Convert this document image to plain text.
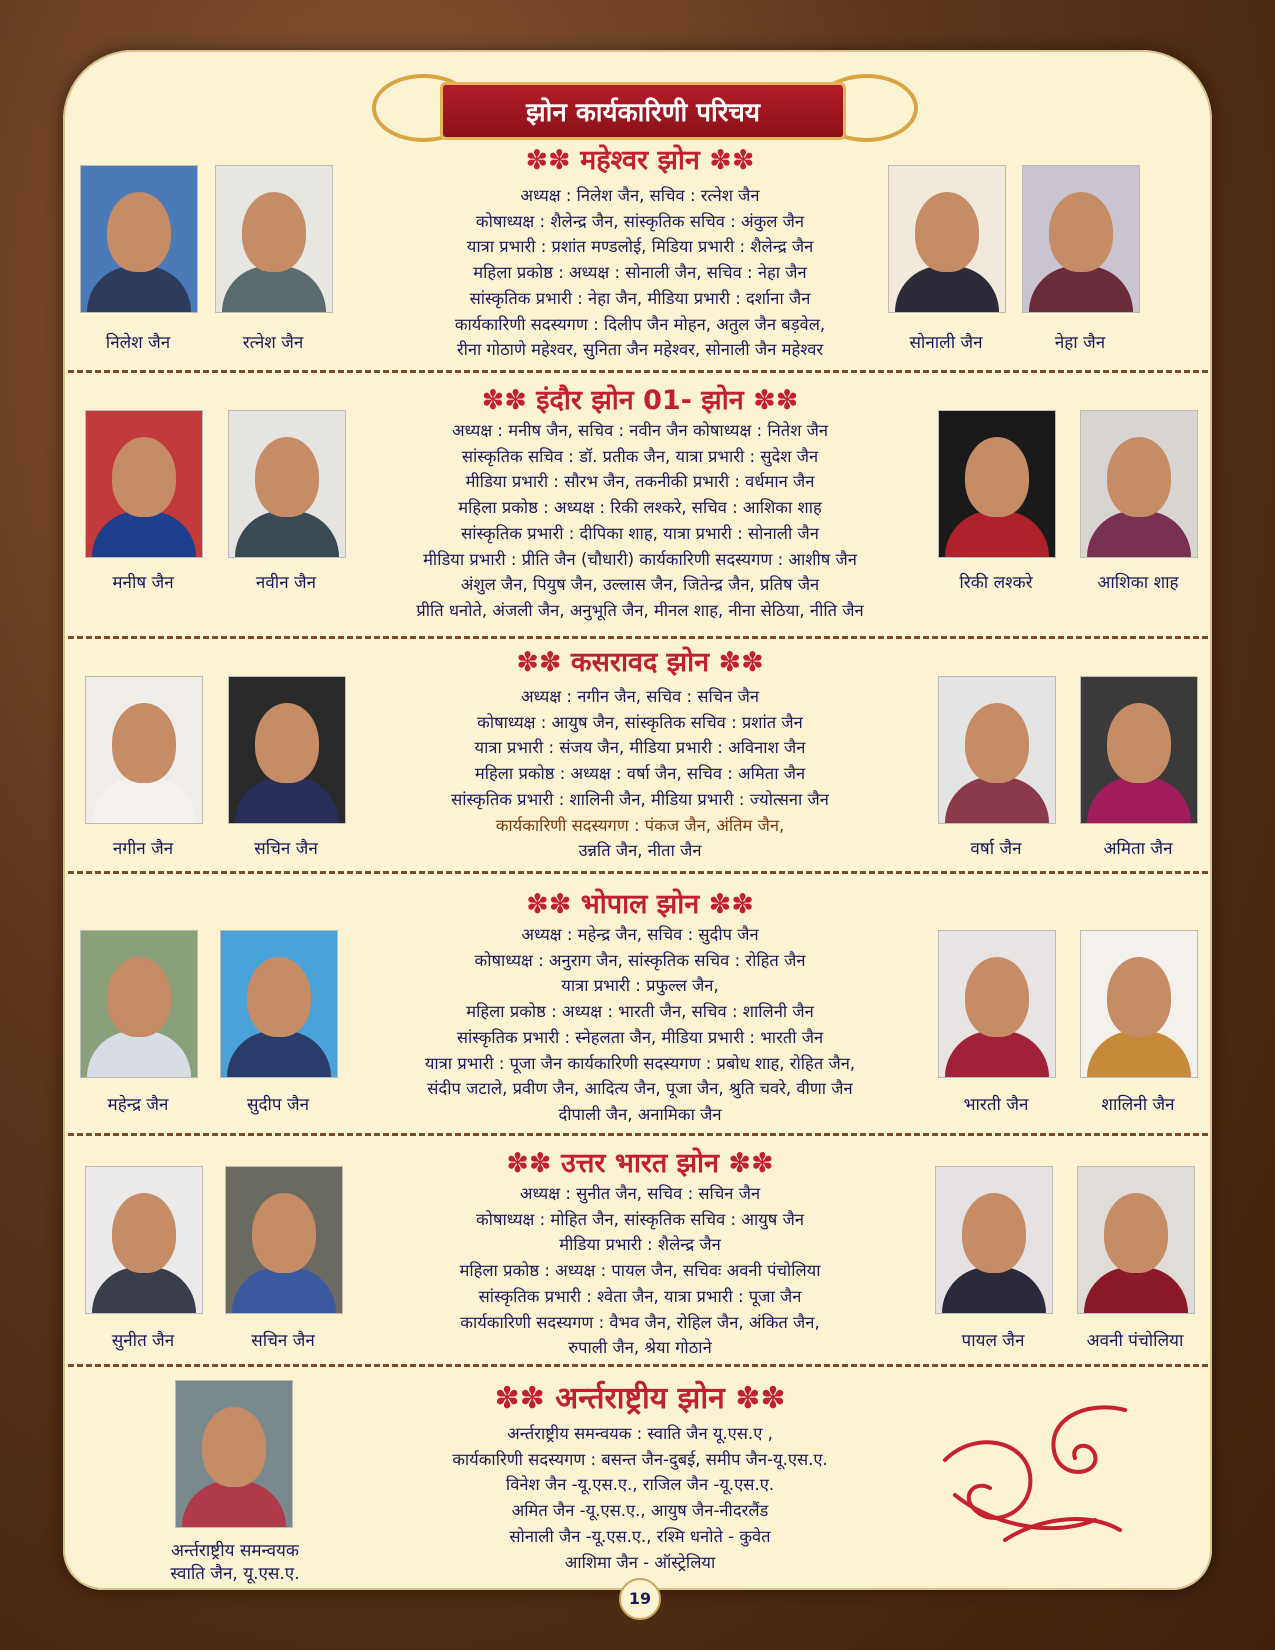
झोन कार्यकारिणी परिचय
✽✽ महेश्वर झोन ✽✽
अध्यक्ष : निलेश जैन, सचिव : रत्नेश जैन
कोषाध्यक्ष : शैलेन्द्र जैन, सांस्कृतिक सचिव : अंकुल जैन
यात्रा प्रभारी : प्रशांत मण्डलोई, मिडिया प्रभारी : शैलेन्द्र जैन
महिला प्रकोष्ठ : अध्यक्ष : सोनाली जैन, सचिव : नेहा जैन
सांस्कृतिक प्रभारी : नेहा जैन, मीडिया प्रभारी : दर्शाना जैन
कार्यकारिणी सदस्यगण : दिलीप जैन मोहन, अतुल जैन बड़वेल,
रीना गोठाणे महेश्वर, सुनिता जैन महेश्वर, सोनाली जैन महेश्वर
निलेश जैन	रत्नेश जैन	सोनाली जैन	नेहा जैन
✽✽ इंदौर झोन 01- झोन ✽✽
अध्यक्ष : मनीष जैन, सचिव : नवीन जैन कोषाध्यक्ष : नितेश जैन
सांस्कृतिक सचिव : डॉ. प्रतीक जैन, यात्रा प्रभारी : सुदेश जैन
मीडिया प्रभारी : सौरभ जैन, तकनीकी प्रभारी : वर्धमान जैन
महिला प्रकोष्ठ : अध्यक्ष : रिकी लश्करे, सचिव : आशिका शाह
सांस्कृतिक प्रभारी : दीपिका शाह, यात्रा प्रभारी : सोनाली जैन
मीडिया प्रभारी : प्रीति जैन (चौधारी) कार्यकारिणी सदस्यगण : आशीष जैन
अंशुल जैन, पियुष जैन, उल्लास जैन, जितेन्द्र जैन, प्रतिष जैन
प्रीति धनोते, अंजली जैन, अनुभूति जैन, मीनल शाह, नीना सेठिया, नीति जैन
मनीष जैन	नवीन जैन	रिकी लश्करे	आशिका शाह
✽✽ कसरावद झोन ✽✽
अध्यक्ष : नगीन जैन, सचिव : सचिन जैन
कोषाध्यक्ष : आयुष जैन, सांस्कृतिक सचिव : प्रशांत जैन
यात्रा प्रभारी : संजय जैन, मीडिया प्रभारी : अविनाश जैन
महिला प्रकोष्ठ : अध्यक्ष : वर्षा जैन, सचिव : अमिता जैन
सांस्कृतिक प्रभारी : शालिनी जैन, मीडिया प्रभारी : ज्योत्सना जैन
कार्यकारिणी सदस्यगण : पंकज जैन, अंतिम जैन,
उन्नति जैन, नीता जैन
नगीन जैन	सचिन जैन	वर्षा जैन	अमिता जैन
✽✽ भोपाल झोन ✽✽
अध्यक्ष : महेन्द्र जैन, सचिव : सुदीप जैन
कोषाध्यक्ष : अनुराग जैन, सांस्कृतिक सचिव : रोहित जैन
यात्रा प्रभारी : प्रफुल्ल जैन,
महिला प्रकोष्ठ : अध्यक्ष : भारती जैन, सचिव : शालिनी जैन
सांस्कृतिक प्रभारी : स्नेहलता जैन, मीडिया प्रभारी : भारती जैन
यात्रा प्रभारी : पूजा जैन कार्यकारिणी सदस्यगण : प्रबोध शाह, रोहित जैन,
संदीप जटाले, प्रवीण जैन, आदित्य जैन, पूजा जैन, श्रुति चवरे, वीणा जैन
दीपाली जैन, अनामिका जैन
महेन्द्र जैन	सुदीप जैन	भारती जैन	शालिनी जैन
✽✽ उत्तर भारत झोन ✽✽
अध्यक्ष : सुनीत जैन, सचिव : सचिन जैन
कोषाध्यक्ष : मोहित जैन, सांस्कृतिक सचिव : आयुष जैन
मीडिया प्रभारी : शैलेन्द्र जैन
महिला प्रकोष्ठ : अध्यक्ष : पायल जैन, सचिवः अवनी पंचोलिया
सांस्कृतिक प्रभारी : श्वेता जैन, यात्रा प्रभारी : पूजा जैन
कार्यकारिणी सदस्यगण : वैभव जैन, रोहिल जैन, अंकित जैन,
रुपाली जैन, श्रेया गोठाने
सुनीत जैन	सचिन जैन	पायल जैन	अवनी पंचोलिया
✽✽ अर्न्तराष्ट्रीय झोन ✽✽
अर्न्तराष्ट्रीय समन्वयक : स्वाति जैन यू.एस.ए ,
कार्यकारिणी सदस्यगण : बसन्त जैन-दुबई, समीप जैन-यू.एस.ए.
विनेश जैन -यू.एस.ए., राजिल जैन -यू.एस.ए.
अमित जैन -यू.एस.ए., आयुष जैन-नीदरलैंड
सोनाली जैन -यू.एस.ए., रश्मि धनोते - कुवेत
आशिमा जैन - ऑस्ट्रेलिया
अर्न्तराष्ट्रीय समन्वयक
स्वाति जैन, यू.एस.ए.
19
